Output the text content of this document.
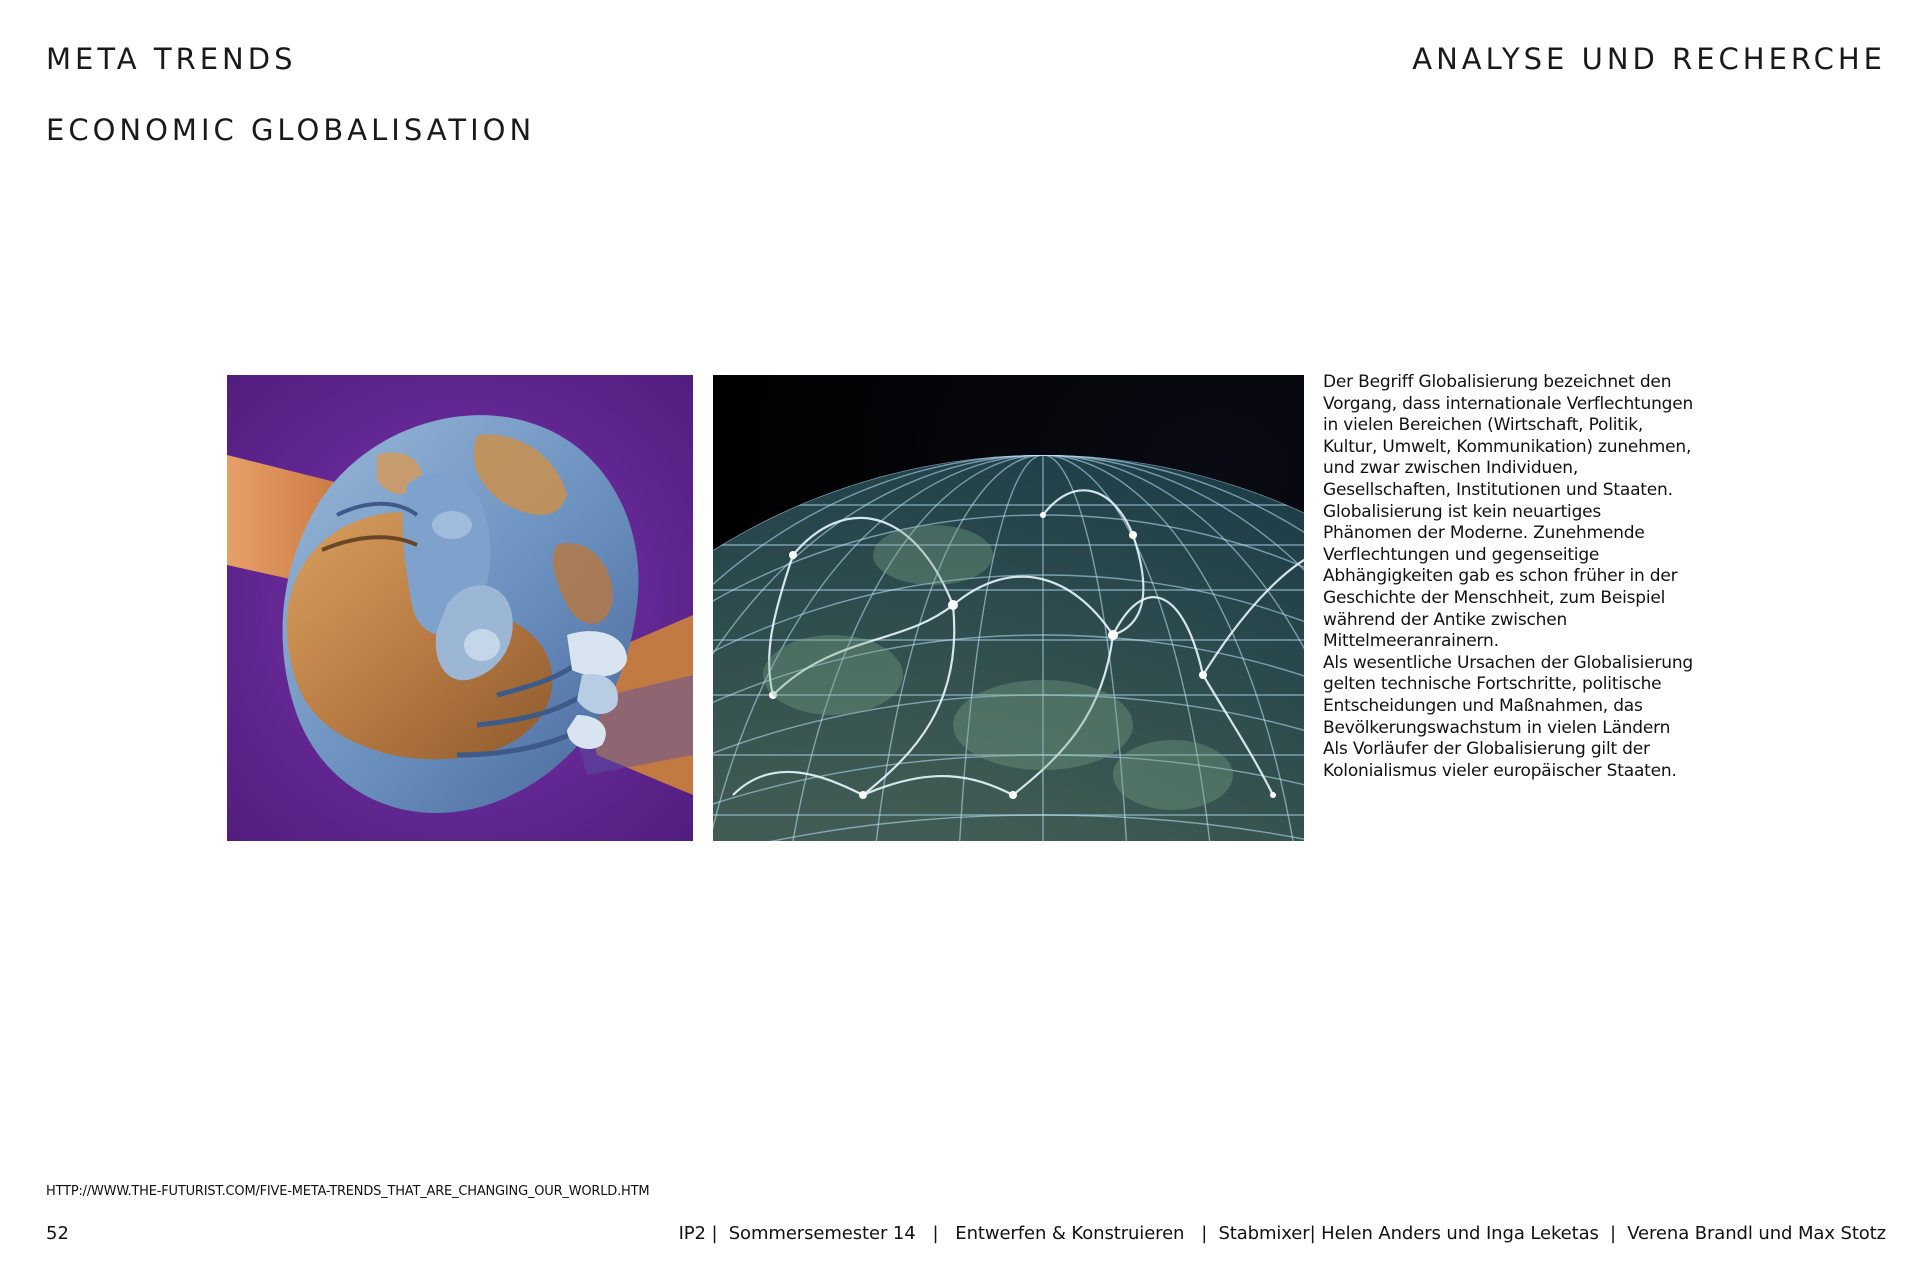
META TRENDS
ECONOMIC GLOBALISATION
ANALYSE UND RECHERCHE

Der Begriff Globalisierung bezeichnet den Vorgang, dass internationale Verflechtungen in vielen Bereichen (Wirtschaft, Politik, Kultur, Umwelt, Kommunikation) zunehmen, und zwar zwischen Individuen, Gesellschaften, Institutionen und Staaten. Globalisierung ist kein neuartiges Phänomen der Moderne. Zunehmende Verflechtungen und gegenseitige Abhängigkeiten gab es schon früher in der Geschichte der Menschheit, zum Beispiel während der Antike zwischen Mittelmeeranrainern.

Als wesentliche Ursachen der Globalisierung gelten technische Fortschritte, politische Entscheidungen und Maßnahmen, das Bevölkerungswachstum in vielen Ländern

Als Vorläufer der Globalisierung gilt der Kolonialismus vieler europäischer Staaten.

HTTP://WWW.THE-FUTURIST.COM/FIVE-META-TRENDS_THAT_ARE_CHANGING_OUR_WORLD.HTM
52	IP2 |  Sommersemester 14   |   Entwerfen & Konstruieren   |  Stabmixer| Helen Anders und Inga Leketas  |  Verena Brandl und Max Stotz
